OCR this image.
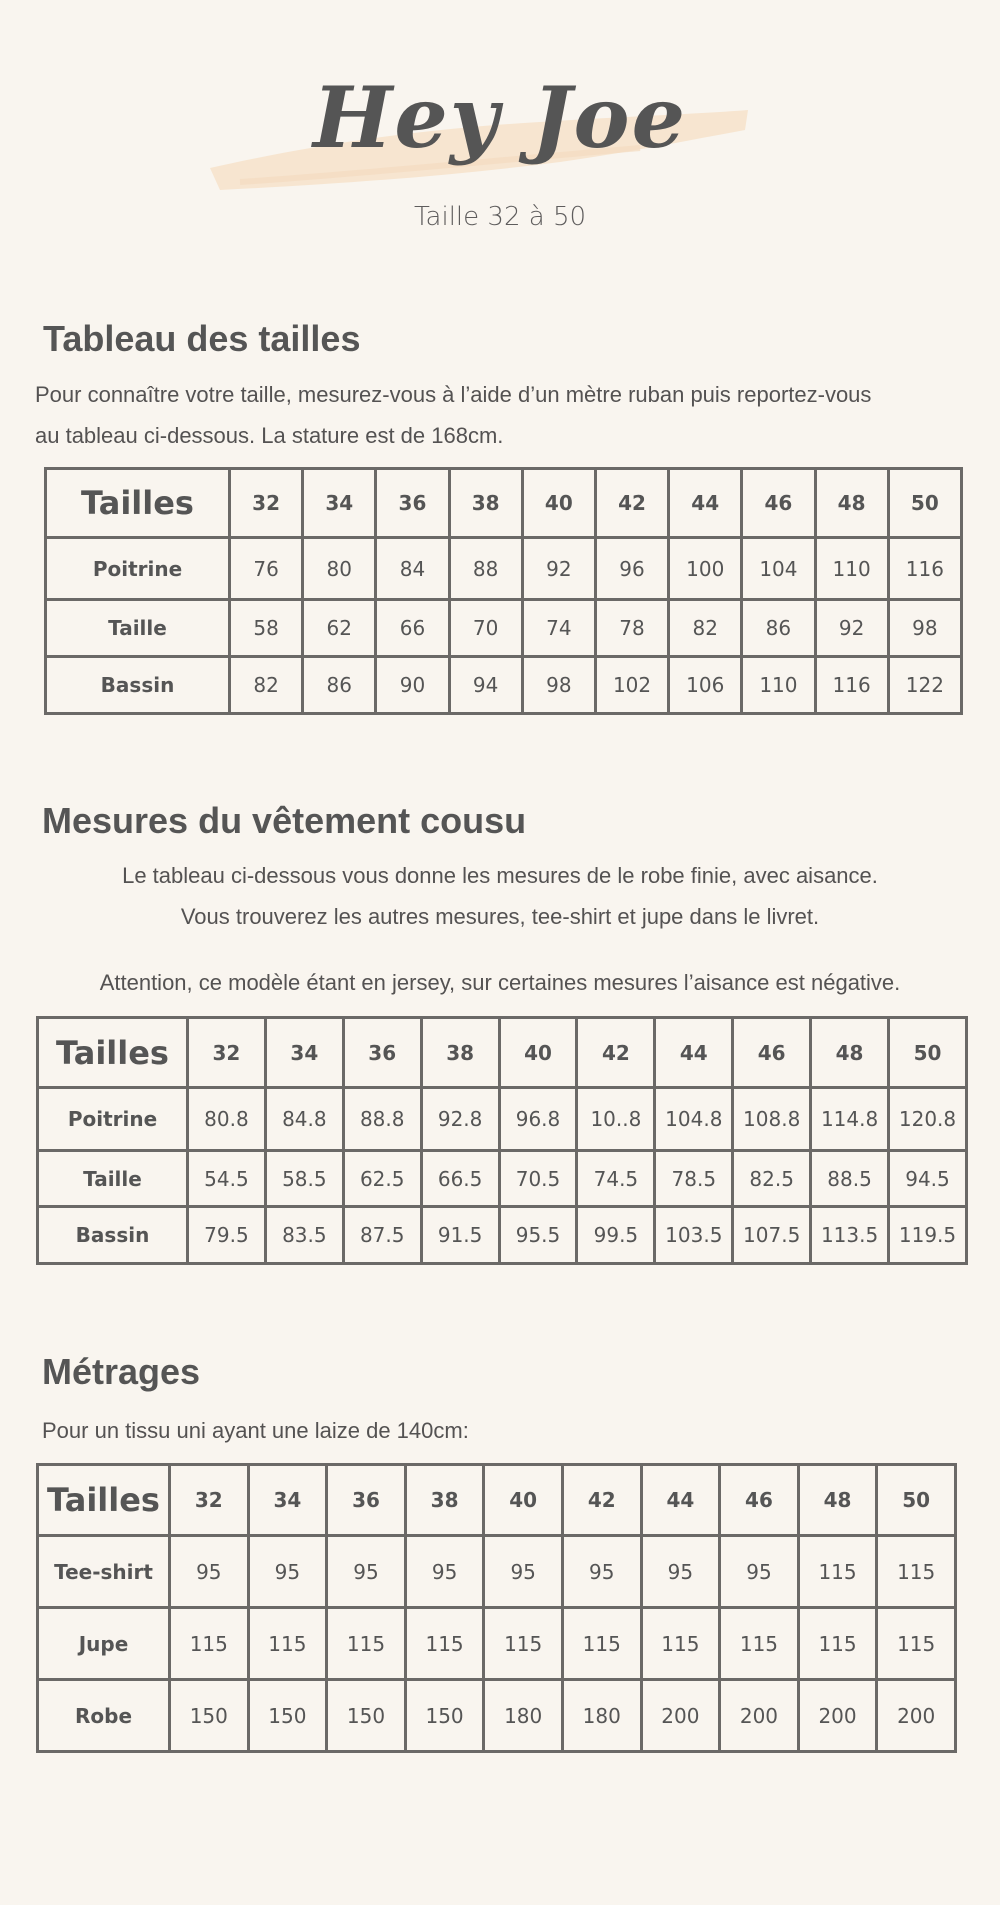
Hey Joe
Taille 32 à 50
Tableau des tailles

Pour connaître votre taille, mesurez-vous à l’aide d’un mètre ruban puis reportez-vous

au tableau ci-dessous. La stature est de 168cm.

Tailles	32	34	36	38	40	42	44	46	48	50
Poitrine	76	80	84	88	92	96	100	104	110	116
Taille	58	62	66	70	74	78	82	86	92	98
Bassin	82	86	90	94	98	102	106	110	116	122
Mesures du vêtement cousu

Le tableau ci-dessous vous donne les mesures de le robe finie, avec aisance.

Vous trouverez les autres mesures, tee-shirt et jupe dans le livret.

Attention, ce modèle étant en jersey, sur certaines mesures l’aisance est négative.

Tailles	32	34	36	38	40	42	44	46	48	50
Poitrine	80.8	84.8	88.8	92.8	96.8	10..8	104.8	108.8	114.8	120.8
Taille	54.5	58.5	62.5	66.5	70.5	74.5	78.5	82.5	88.5	94.5
Bassin	79.5	83.5	87.5	91.5	95.5	99.5	103.5	107.5	113.5	119.5
Métrages

Pour un tissu uni ayant une laize de 140cm:

Tailles	32	34	36	38	40	42	44	46	48	50
Tee-shirt	95	95	95	95	95	95	95	95	115	115
Jupe	115	115	115	115	115	115	115	115	115	115
Robe	150	150	150	150	180	180	200	200	200	200
